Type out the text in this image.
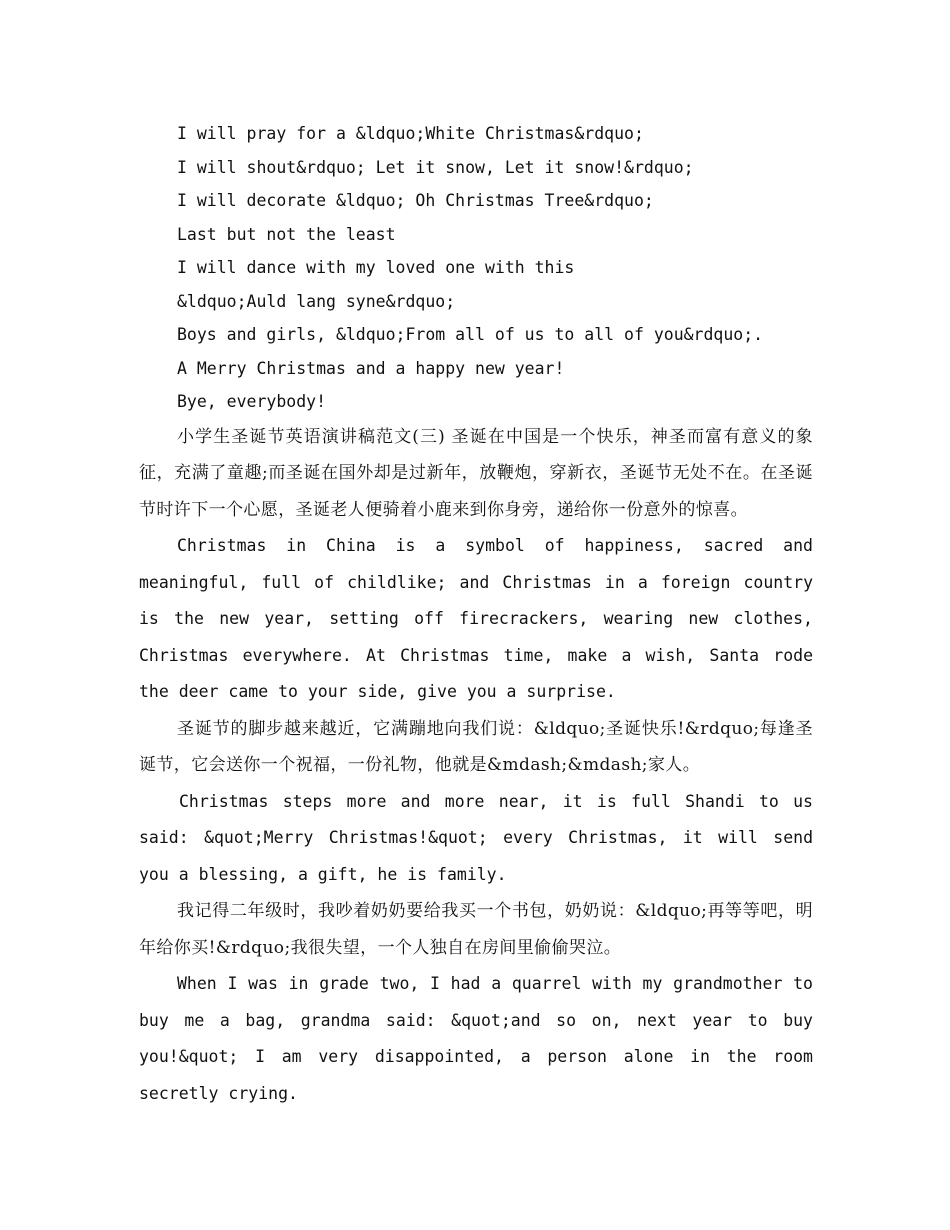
I will pray for a &ldquo;White Christmas&rdquo;
I will shout&rdquo; Let it snow, Let it snow!&rdquo;
I will decorate &ldquo; Oh Christmas Tree&rdquo;
Last but not the least
I will dance with my loved one with this
&ldquo;Auld lang syne&rdquo;
Boys and girls, &ldquo;From all of us to all of you&rdquo;.
A Merry Christmas and a happy new year!
Bye, everybody!

小学生圣诞节英语演讲稿范文(三) 圣诞在中国是一个快乐，神圣而富有意义的象征，充满了童趣;而圣诞在国外却是过新年，放鞭炮，穿新衣，圣诞节无处不在。在圣诞节时许下一个心愿，圣诞老人便骑着小鹿来到你身旁，递给你一份意外的惊喜。

Christmas in China is a symbol of happiness, sacred and meaningful, full of childlike; and Christmas in a foreign country is the new year, setting off firecrackers, wearing new clothes, Christmas everywhere. At Christmas time, make a wish, Santa rode the deer came to your side, give you a surprise.

圣诞节的脚步越来越近，它满蹦地向我们说：&ldquo;圣诞快乐!&rdquo;每逢圣诞节，它会送你一个祝福，一份礼物，他就是&mdash;&mdash;家人。

Christmas steps more and more near, it is full Shandi to us said: &quot;Merry Christmas!&quot; every Christmas, it will send you a blessing, a gift, he is family.

我记得二年级时，我吵着奶奶要给我买一个书包，奶奶说：&ldquo;再等等吧，明年给你买!&rdquo;我很失望，一个人独自在房间里偷偷哭泣。

When I was in grade two, I had a quarrel with my grandmother to buy me a bag, grandma said: &quot;and so on, next year to buy you!&quot; I am very disappointed, a person alone in the room secretly crying.
